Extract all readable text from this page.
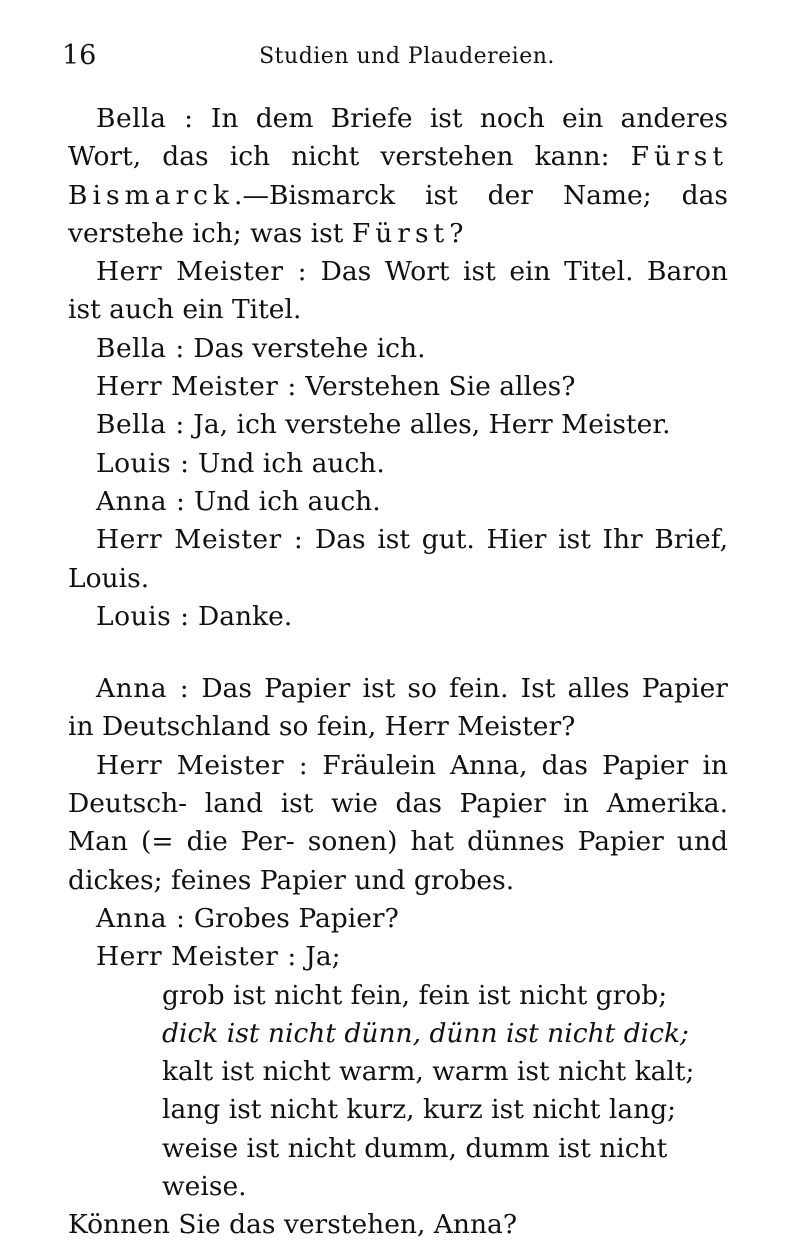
16	Studien und Plaudereien.

Bella : In dem Briefe ist noch ein anderes Wort, das ich nicht verstehen kann: Fürst Bismarck.—Bismarck ist der Name; das verstehe ich; was ist Fürst?

Herr Meister : Das Wort ist ein Titel. Baron ist auch ein Titel.

Bella : Das verstehe ich.

Herr Meister : Verstehen Sie alles?

Bella : Ja, ich verstehe alles, Herr Meister.

Louis : Und ich auch.

Anna : Und ich auch.

Herr Meister : Das ist gut. Hier ist Ihr Brief, Louis.

Louis : Danke.

Anna : Das Papier ist so fein. Ist alles Papier in Deutschland so fein, Herr Meister?

Herr Meister : Fräulein Anna, das Papier in Deutsch- land ist wie das Papier in Amerika. Man (= die Per- sonen) hat dünnes Papier und dickes; feines Papier und grobes.

Anna : Grobes Papier?

Herr Meister : Ja;

grob ist nicht fein, fein ist nicht grob;

dick ist nicht dünn, dünn ist nicht dick;

kalt ist nicht warm, warm ist nicht kalt;

lang ist nicht kurz, kurz ist nicht lang;

weise ist nicht dumm, dumm ist nicht weise.

Können Sie das verstehen, Anna?
